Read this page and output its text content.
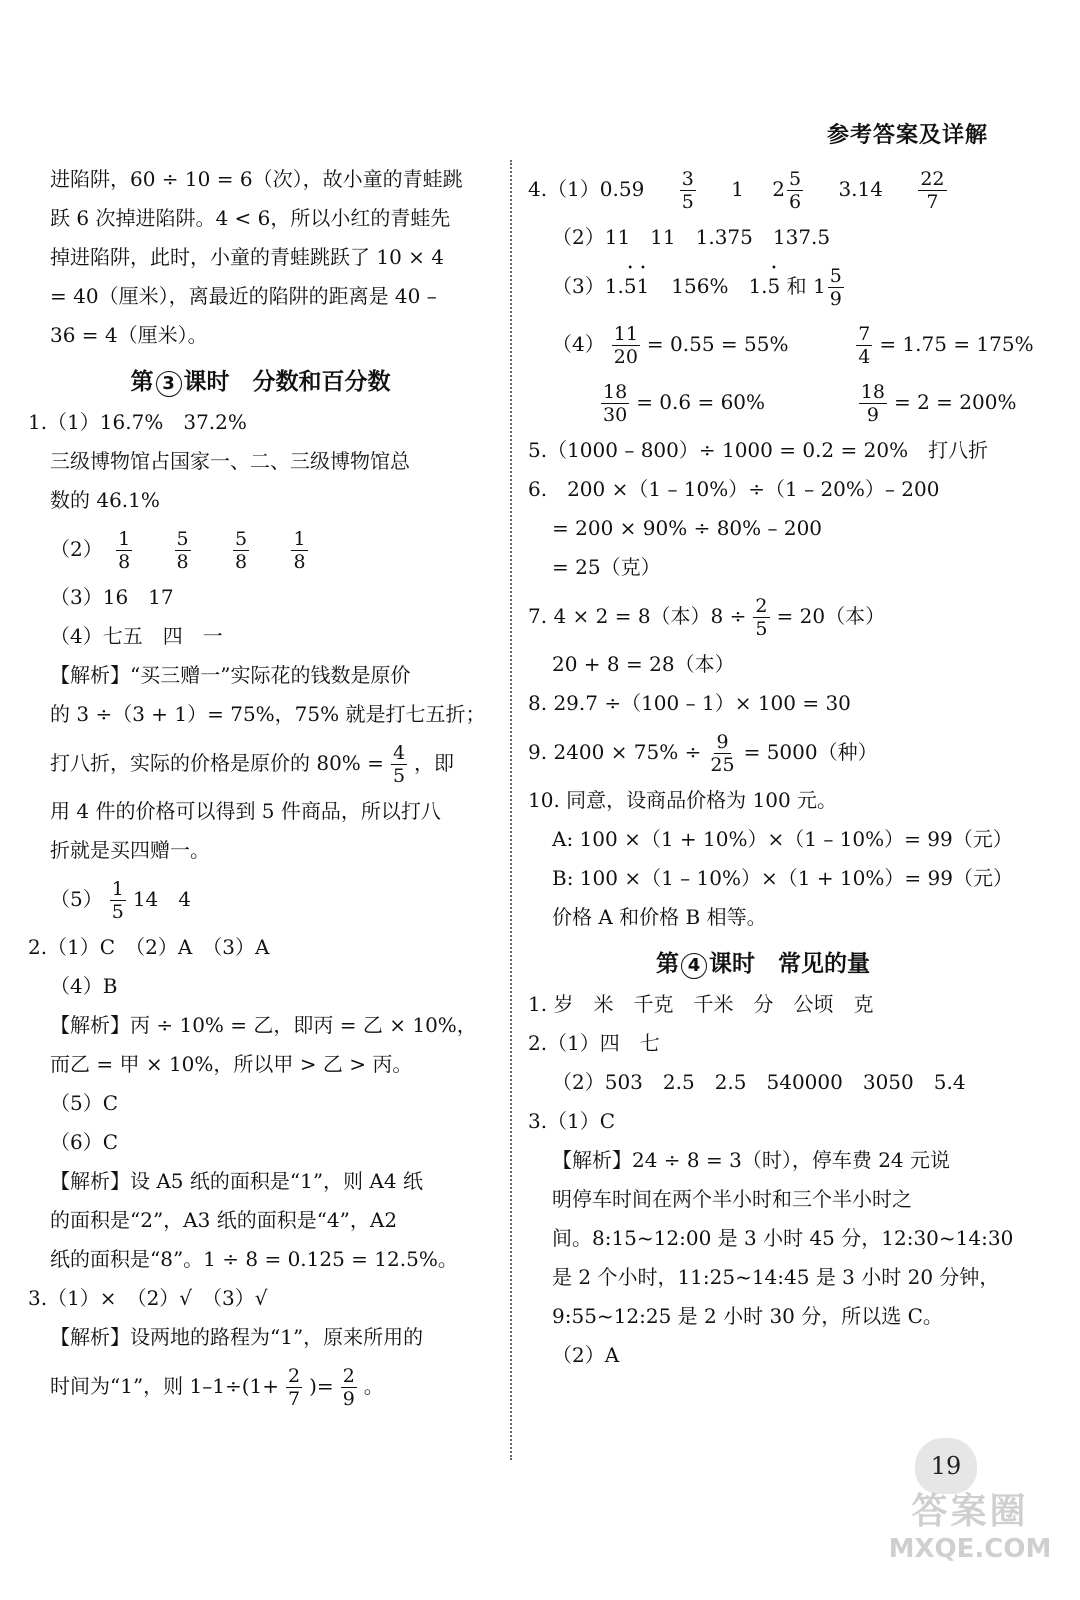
参考答案及详解
进陷阱，60 ÷ 10 = 6（次），故小童的青蛙跳
跃 6 次掉进陷阱。4 < 6，所以小红的青蛙先
掉进陷阱，此时，小童的青蛙跳跃了 10 × 4
= 40（厘米），离最近的陷阱的距离是 40 –
36 = 4（厘米）。
第 3 课时　分数和百分数
1.（1）16.7%　37.2%
三级博物馆占国家一、二、三级博物馆总
数的 46.1%
$(2) \frac{1}{8}$
$\frac{5}{8}$
$\frac{5}{8}$
$\frac{1}{8}$
（3）16　17
（4）七五　四　一
【解析】“买三赠一”实际花的钱数是原价
的 3 ÷（3 + 1）= 75%，75% 就是打七五折；
打八折，实际的价格是原价的 $80\% = \frac{4}{5}$ ，即
用 4 件的价格可以得到 5 件商品，所以打八
折就是买四赠一。
$(5) \frac{1}{5} 14$　4
2.（1）C　（2）A　（3）A
（4）B
【解析】丙 ÷ 10% = 乙，即丙 = 乙 × 10%，
而乙 = 甲 × 10%，所以甲 > 乙 > 丙。
（5）C
（6）C
【解析】设 A5 纸的面积是“1”，则 A4 纸
的面积是“2”，A3 纸的面积是“4”，A2
纸的面积是“8”。1 ÷ 8 = 0.125 = 12.5%。
3.（1）×　（2）√　（3）√
【解析】设两地的路程为“1”，原来所用的
时间为“1”，则 $1-1\div(1+ \frac{2}{7}$ )= $\frac{2}{9}$ 。
$4.(1)0.59 \frac{3}{5} 1$ $2 \frac{5}{6} 3.14 \frac{22}{7}$
（2）11　11　1.375　137.5
（3）1.• 5• 1 156%　1.• 5 和 $1 \frac{5}{9}$
$(4) \frac{11}{20} = 0.55 = 55\%$	$\frac{7}{4} = 1.75 = 175\%$
$\frac{18}{30} = 0.6 = 60\%$	$\frac{18}{9} = 2 = 200\%$
5.（1000 – 800）÷ 1000 = 0.2 = 20%　打八折
6.　200 ×（1 – 10%）÷（1 – 20%）– 200
= 200 × 90% ÷ 80% – 200
= 25（克）
7. 4 × 2 = 8（本）$8 \div \frac{2}{5} = 20$（本）
20 + 8 = 28（本）
8. 29.7 ÷（100 – 1）× 100 = 30
9. $2400 \times 75\% \div \frac{9}{25} = 5000$（种）
10. 同意，设商品价格为 100 元。
A: 100 ×（1 + 10%）×（1 – 10%）= 99（元）
B: 100 ×（1 – 10%）×（1 + 10%）= 99（元）
价格 A 和价格 B 相等。
第 4 课时　常见的量
1. 岁　米　千克　千米　分　公顷　克
2.（1）四　七
（2）503　2.5　2.5　540000　3050　5.4
3.（1）C
【解析】24 ÷ 8 = 3（时），停车费 24 元说
明停车时间在两个半小时和三个半小时之
间。8:15~12:00 是 3 小时 45 分，12:30~14:30
是 2 个小时，11:25~14:45 是 3 小时 20 分钟，
9:55~12:25 是 2 小时 30 分，所以选 C。
（2）A
19
答案圈
MXQE.COM
